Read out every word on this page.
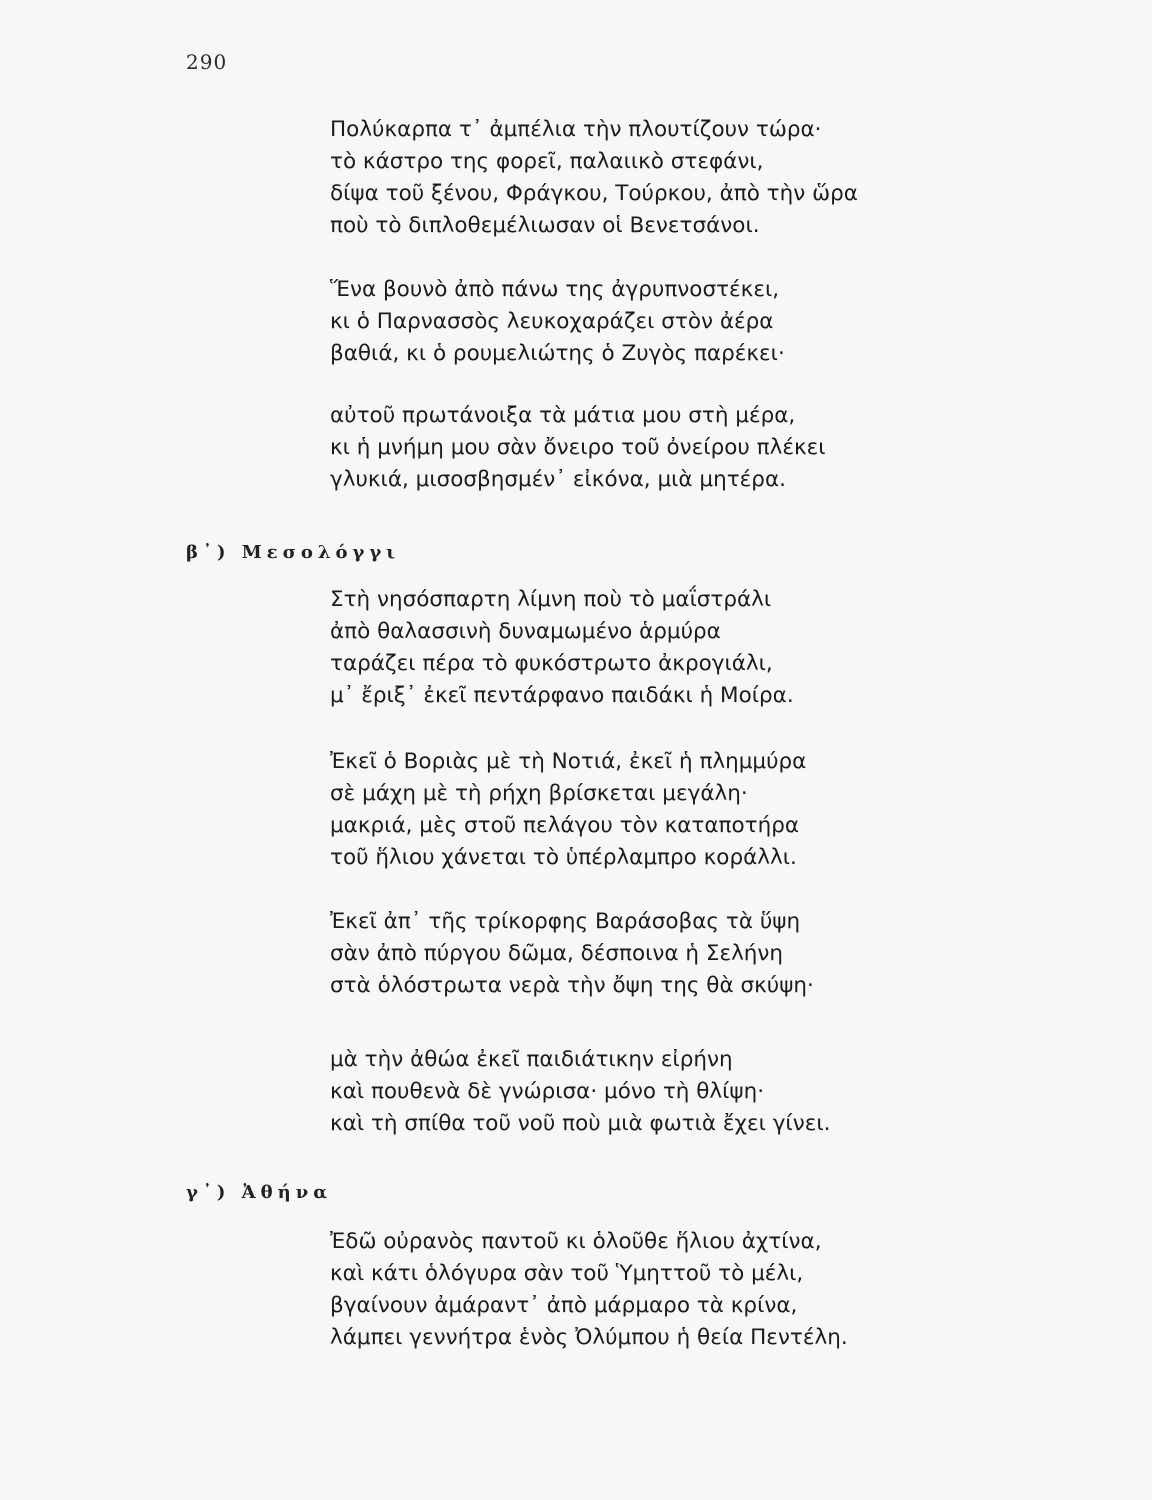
290
Πολύκαρπα τ᾿ ἀμπέλια τὴν πλουτίζουν τώρα·
τὸ κάστρο της φορεῖ, παλαιικὸ στεφάνι,
δίψα τοῦ ξένου, Φράγκου, Τούρκου, ἀπὸ τὴν ὥρα
ποὺ τὸ διπλοθεμέλιωσαν οἱ Βενετσάνοι.
Ἕνα βουνὸ ἀπὸ πάνω της ἀγρυπνοστέκει,
κι ὁ Παρνασσὸς λευκοχαράζει στὸν ἀέρα
βαθιά, κι ὁ ρουμελιώτης ὁ Ζυγὸς παρέκει·
αὐτοῦ πρωτάνοιξα τὰ μάτια μου στὴ μέρα,
κι ἡ μνήμη μου σὰν ὄνειρο τοῦ ὀνείρου πλέκει
γλυκιά, μισοσβησμέν᾿ εἰκόνα, μιὰ μητέρα.
β᾿) Μεσολόγγι
Στὴ νησόσπαρτη λίμνη ποὺ τὸ μαΐστράλι
ἀπὸ θαλασσινὴ δυναμωμένο ἁρμύρα
ταράζει πέρα τὸ φυκόστρωτο ἀκρογιάλι,
μ᾿ ἔριξ᾿ ἐκεῖ πεντάρφανο παιδάκι ἡ Μοίρα.
Ἐκεῖ ὁ Βοριὰς μὲ τὴ Νοτιά, ἐκεῖ ἡ πλημμύρα
σὲ μάχη μὲ τὴ ρήχη βρίσκεται μεγάλη·
μακριά, μὲς στοῦ πελάγου τὸν καταποτήρα
τοῦ ἥλιου χάνεται τὸ ὑπέρλαμπρο κοράλλι.
Ἐκεῖ ἀπ᾿ τῆς τρίκορφης Βαράσοβας τὰ ὕψη
σὰν ἀπὸ πύργου δῶμα, δέσποινα ἡ Σελήνη
στὰ ὁλόστρωτα νερὰ τὴν ὄψη της θὰ σκύψη·
μὰ τὴν ἀθώα ἐκεῖ παιδιάτικην εἰρήνη
καὶ πουθενὰ δὲ γνώρισα· μόνο τὴ θλίψη·
καὶ τὴ σπίθα τοῦ νοῦ ποὺ μιὰ φωτιὰ ἔχει γίνει.
γ᾿) Ἀθήνα
Ἐδῶ οὐρανὸς παντοῦ κι ὁλοῦθε ἥλιου ἀχτίνα,
καὶ κάτι ὁλόγυρα σὰν τοῦ Ὑμηττοῦ τὸ μέλι,
βγαίνουν ἀμάραντ᾿ ἀπὸ μάρμαρο τὰ κρίνα,
λάμπει γεννήτρα ἑνὸς Ὀλύμπου ἡ θεία Πεντέλη.
